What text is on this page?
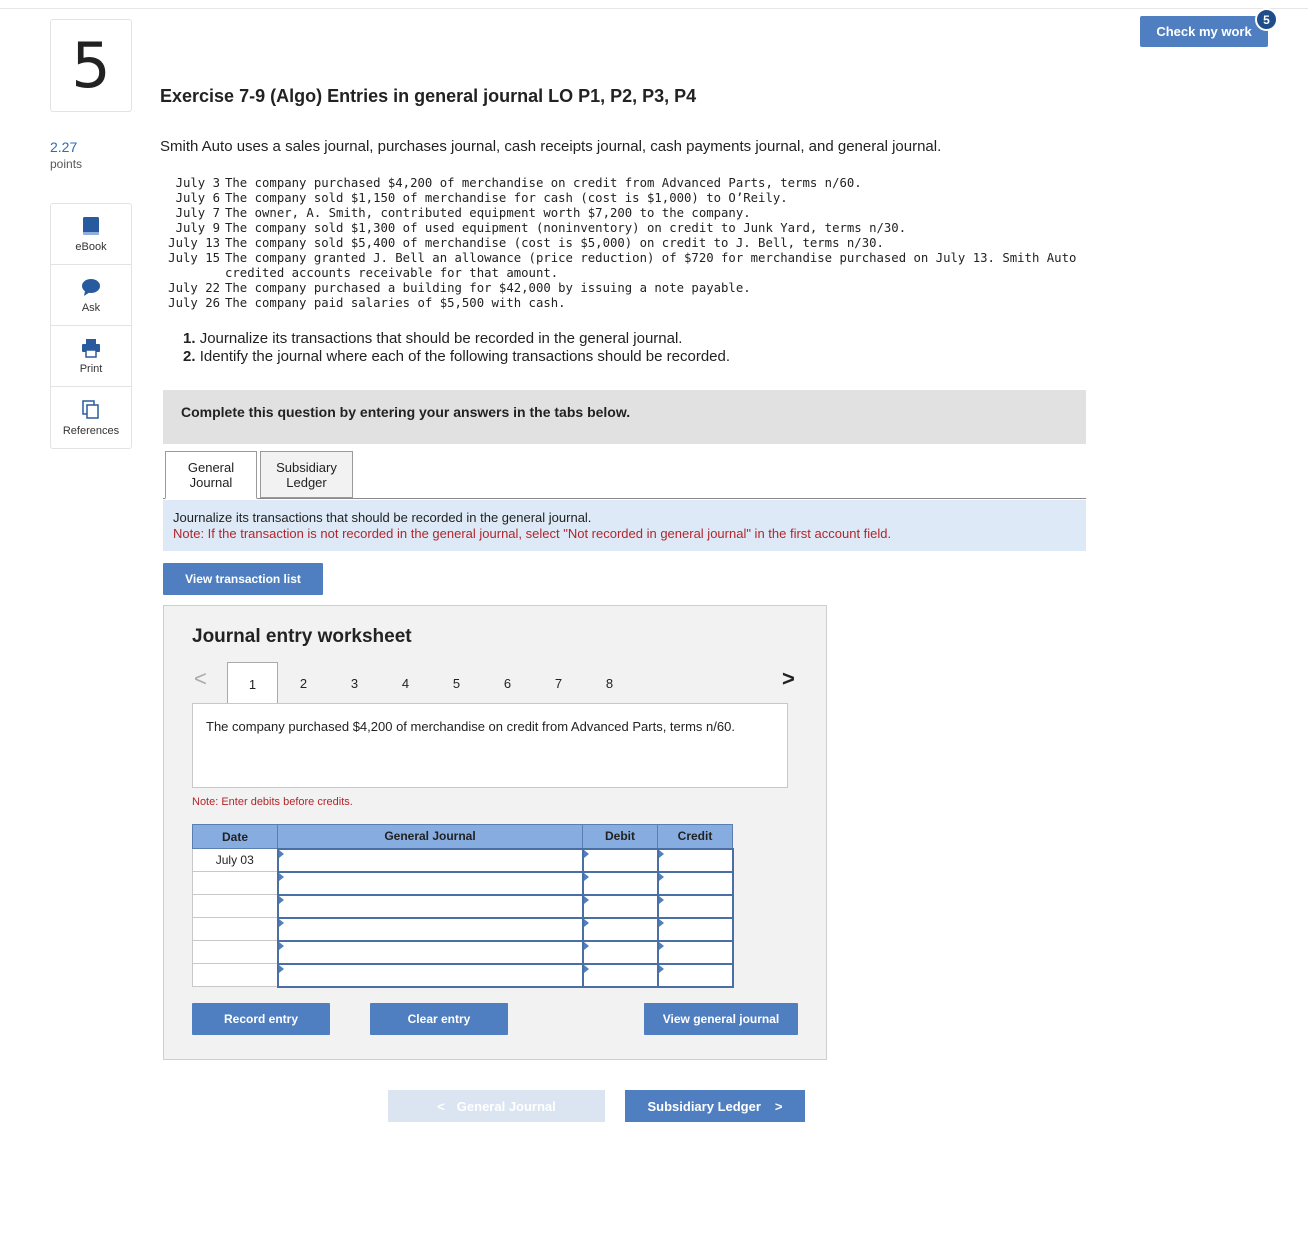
5
2.27
points
eBook
Ask
Print
References
Check my work
5
Exercise 7-9 (Algo) Entries in general journal LO P1, P2, P3, P4
Smith Auto uses a sales journal, purchases journal, cash receipts journal, cash payments journal, and general journal.
July 3 The company purchased $4,200 of merchandise on credit from Advanced Parts, terms n/60.
July 6 The company sold $1,150 of merchandise for cash (cost is $1,000) to O’Reily.
July 7 The owner, A. Smith, contributed equipment worth $7,200 to the company.
July 9 The company sold $1,300 of used equipment (noninventory) on credit to Junk Yard, terms n/30.
July 13 The company sold $5,400 of merchandise (cost is $5,000) on credit to J. Bell, terms n/30.
July 15 The company granted J. Bell an allowance (price reduction) of $720 for merchandise purchased on July 13. Smith Auto credited accounts receivable for that amount.
July 22 The company purchased a building for $42,000 by issuing a note payable.
July 26 The company paid salaries of $5,500 with cash.
1. Journalize its transactions that should be recorded in the general journal.
2. Identify the journal where each of the following transactions should be recorded.
Complete this question by entering your answers in the tabs below.
General
Journal
Subsidiary
Ledger
Journalize its transactions that should be recorded in the general journal.
Note: If the transaction is not recorded in the general journal, select "Not recorded in general journal" in the first account field.
View transaction list
Journal entry worksheet
<	1	2	3	4	5	6	7	8	>
The company purchased $4,200 of merchandise on credit from Advanced Parts, terms n/60.
Note: Enter debits before credits.
Date	General Journal	Debit	Credit
July 03			

Record entry	Clear entry	View general journal
< General Journal	Subsidiary Ledger >
